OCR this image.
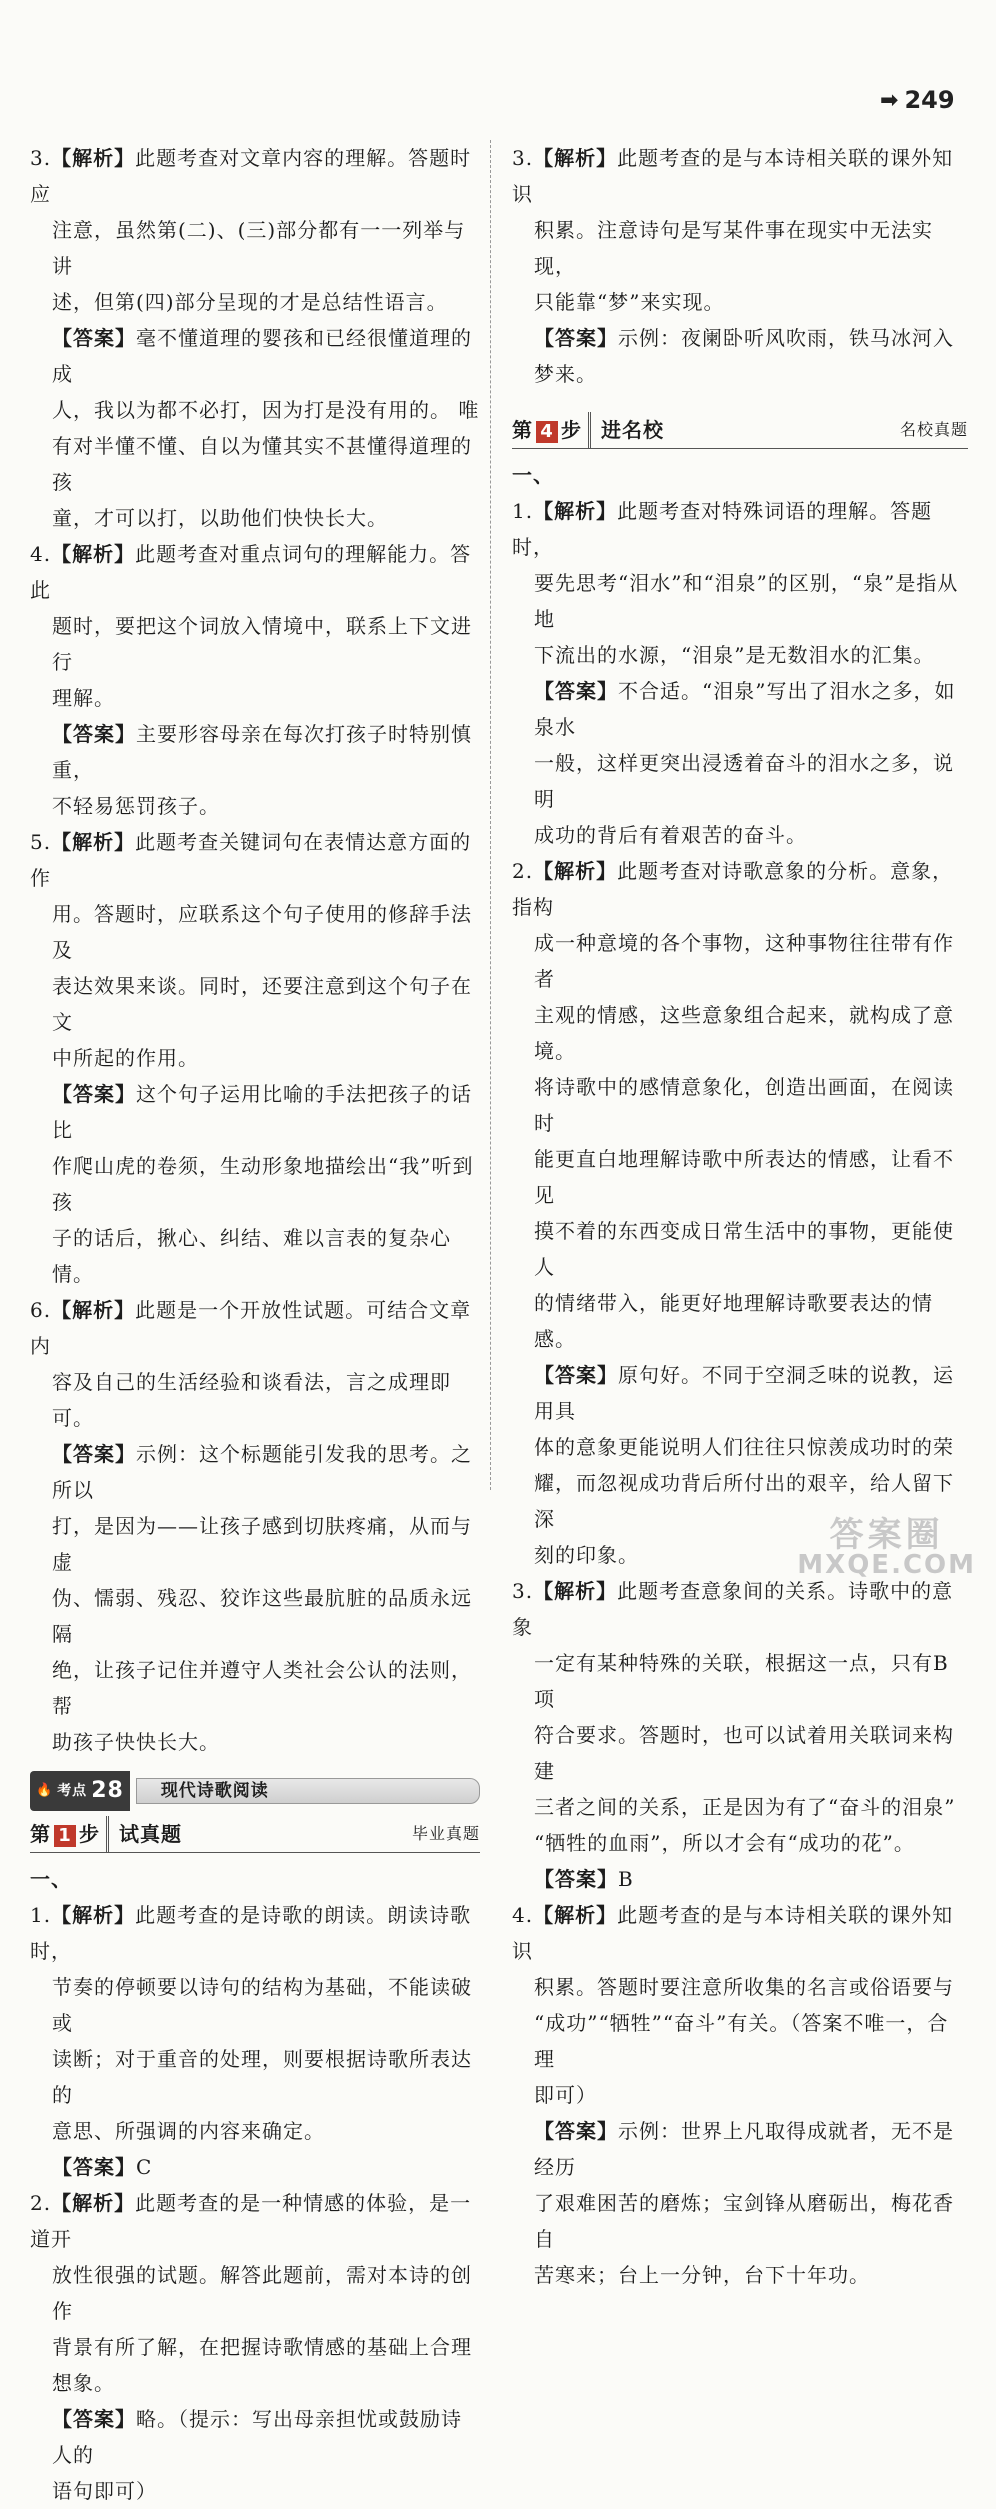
➡ 249

3.【解析】此题考查对文章内容的理解。答题时应

注意，虽然第(二)、(三)部分都有一一列举与讲

述，但第(四)部分呈现的才是总结性语言。

【答案】毫不懂道理的婴孩和已经很懂道理的成

人，我以为都不必打，因为打是没有用的。 唯

有对半懂不懂、自以为懂其实不甚懂得道理的孩

童，才可以打，以助他们快快长大。

4.【解析】此题考查对重点词句的理解能力。答此

题时，要把这个词放入情境中，联系上下文进行

理解。

【答案】主要形容母亲在每次打孩子时特别慎重，

不轻易惩罚孩子。

5.【解析】此题考查关键词句在表情达意方面的作

用。答题时，应联系这个句子使用的修辞手法及

表达效果来谈。同时，还要注意到这个句子在文

中所起的作用。

【答案】这个句子运用比喻的手法把孩子的话比

作爬山虎的卷须，生动形象地描绘出“我”听到孩

子的话后，揪心、纠结、难以言表的复杂心情。

6.【解析】此题是一个开放性试题。可结合文章内

容及自己的生活经验和谈看法，言之成理即可。

【答案】示例：这个标题能引发我的思考。之所以

打，是因为——让孩子感到切肤疼痛，从而与虚

伪、懦弱、残忍、狡诈这些最肮脏的品质永远隔

绝，让孩子记住并遵守人类社会公认的法则，帮

助孩子快快长大。

🔥 考点 28	现代诗歌阅读
第 1 步 试真题	毕业真题
一、

1.【解析】此题考查的是诗歌的朗读。朗读诗歌时，

节奏的停顿要以诗句的结构为基础，不能读破或

读断；对于重音的处理，则要根据诗歌所表达的

意思、所强调的内容来确定。

【答案】C

2.【解析】此题考查的是一种情感的体验，是一道开

放性很强的试题。解答此题前，需对本诗的创作

背景有所了解，在把握诗歌情感的基础上合理

想象。

【答案】略。（提示：写出母亲担忧或鼓励诗人的

语句即可）

3.【解析】此题考查的是与本诗相关联的课外知识

积累。注意诗句是写某件事在现实中无法实现，

只能靠“梦”来实现。

【答案】示例：夜阑卧听风吹雨，铁马冰河入梦来。

第 4 步 进名校	名校真题
一、

1.【解析】此题考查对特殊词语的理解。答题时，

要先思考“泪水”和“泪泉”的区别，“泉”是指从地

下流出的水源，“泪泉”是无数泪水的汇集。

【答案】不合适。“泪泉”写出了泪水之多，如泉水

一般，这样更突出浸透着奋斗的泪水之多，说明

成功的背后有着艰苦的奋斗。

2.【解析】此题考查对诗歌意象的分析。意象，指构

成一种意境的各个事物，这种事物往往带有作者

主观的情感，这些意象组合起来，就构成了意境。

将诗歌中的感情意象化，创造出画面，在阅读时

能更直白地理解诗歌中所表达的情感，让看不见

摸不着的东西变成日常生活中的事物，更能使人

的情绪带入，能更好地理解诗歌要表达的情感。

【答案】原句好。不同于空洞乏味的说教，运用具

体的意象更能说明人们往往只惊羡成功时的荣

耀，而忽视成功背后所付出的艰辛，给人留下深

刻的印象。

3.【解析】此题考查意象间的关系。诗歌中的意象

一定有某种特殊的关联，根据这一点，只有B项

符合要求。答题时，也可以试着用关联词来构建

三者之间的关系，正是因为有了“奋斗的泪泉”

“牺牲的血雨”，所以才会有“成功的花”。

【答案】B

4.【解析】此题考查的是与本诗相关联的课外知识

积累。答题时要注意所收集的名言或俗语要与

“成功”“牺牲”“奋斗”有关。（答案不唯一，合理

即可）

【答案】示例：世界上凡取得成就者，无不是经历

了艰难困苦的磨炼；宝剑锋从磨砺出，梅花香自

苦寒来；台上一分钟，台下十年功。

答案圈
MXQE.COM
